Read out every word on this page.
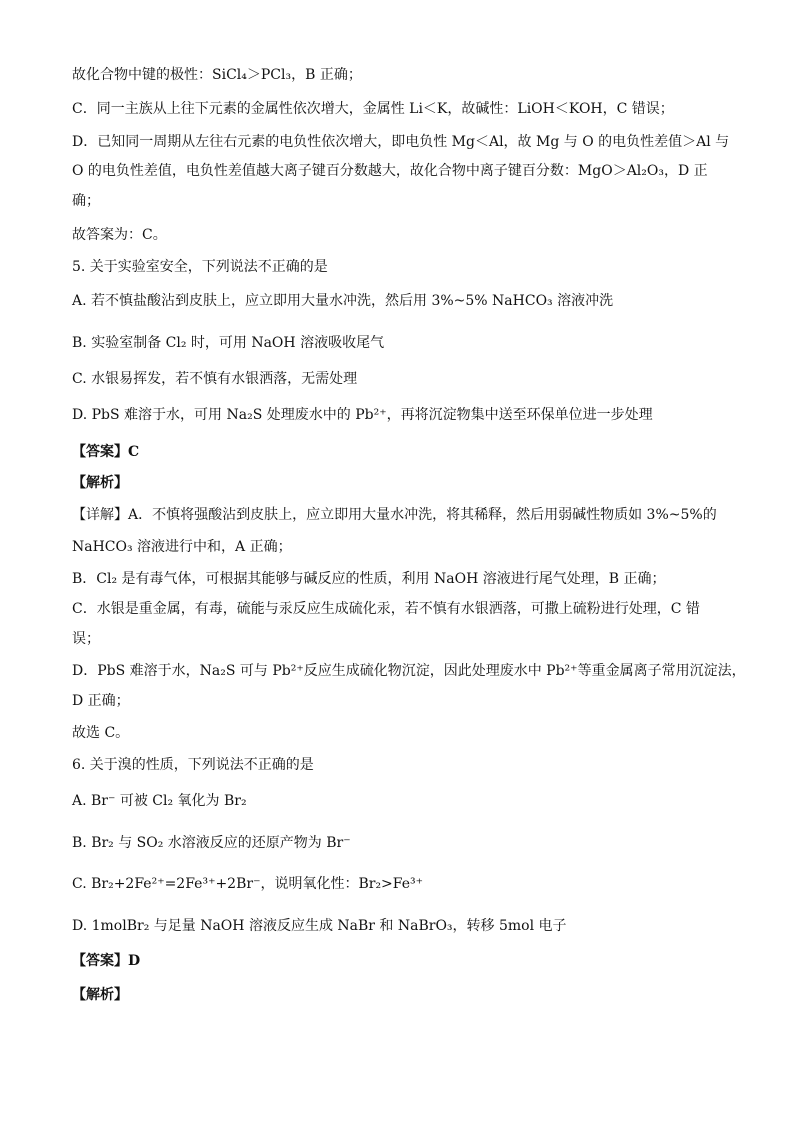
故化合物中键的极性：SiCl₄＞PCl₃，B 正确；
C．同一主族从上往下元素的金属性依次增大，金属性 Li＜K，故碱性：LiOH＜KOH，C 错误；
D．已知同一周期从左往右元素的电负性依次增大，即电负性 Mg＜Al，故 Mg 与 O 的电负性差值＞Al 与
O 的电负性差值，电负性差值越大离子键百分数越大，故化合物中离子键百分数：MgO＞Al₂O₃，D 正
确；
故答案为：C。
5. 关于实验室安全，下列说法不正确的是
A. 若不慎盐酸沾到皮肤上，应立即用大量水冲洗，然后用 3%~5% NaHCO₃ 溶液冲洗
B. 实验室制备 Cl₂ 时，可用 NaOH 溶液吸收尾气
C. 水银易挥发，若不慎有水银洒落，无需处理
D. PbS 难溶于水，可用 Na₂S 处理废水中的 Pb²⁺，再将沉淀物集中送至环保单位进一步处理
【答案】C
【解析】
【详解】A．不慎将强酸沾到皮肤上，应立即用大量水冲洗，将其稀释，然后用弱碱性物质如 3%~5%的
NaHCO₃ 溶液进行中和，A 正确；
B．Cl₂ 是有毒气体，可根据其能够与碱反应的性质，利用 NaOH 溶液进行尾气处理，B 正确；
C．水银是重金属，有毒，硫能与汞反应生成硫化汞，若不慎有水银洒落，可撒上硫粉进行处理，C 错
误；
D．PbS 难溶于水，Na₂S 可与 Pb²⁺反应生成硫化物沉淀，因此处理废水中 Pb²⁺等重金属离子常用沉淀法，
D 正确；
故选 C。
6. 关于溴的性质，下列说法不正确的是
A. Br⁻ 可被 Cl₂ 氧化为 Br₂
B. Br₂ 与 SO₂ 水溶液反应的还原产物为 Br⁻
C. Br₂+2Fe²⁺=2Fe³⁺+2Br⁻，说明氧化性：Br₂>Fe³⁺
D. 1molBr₂ 与足量 NaOH 溶液反应生成 NaBr 和 NaBrO₃，转移 5mol 电子
【答案】D
【解析】
